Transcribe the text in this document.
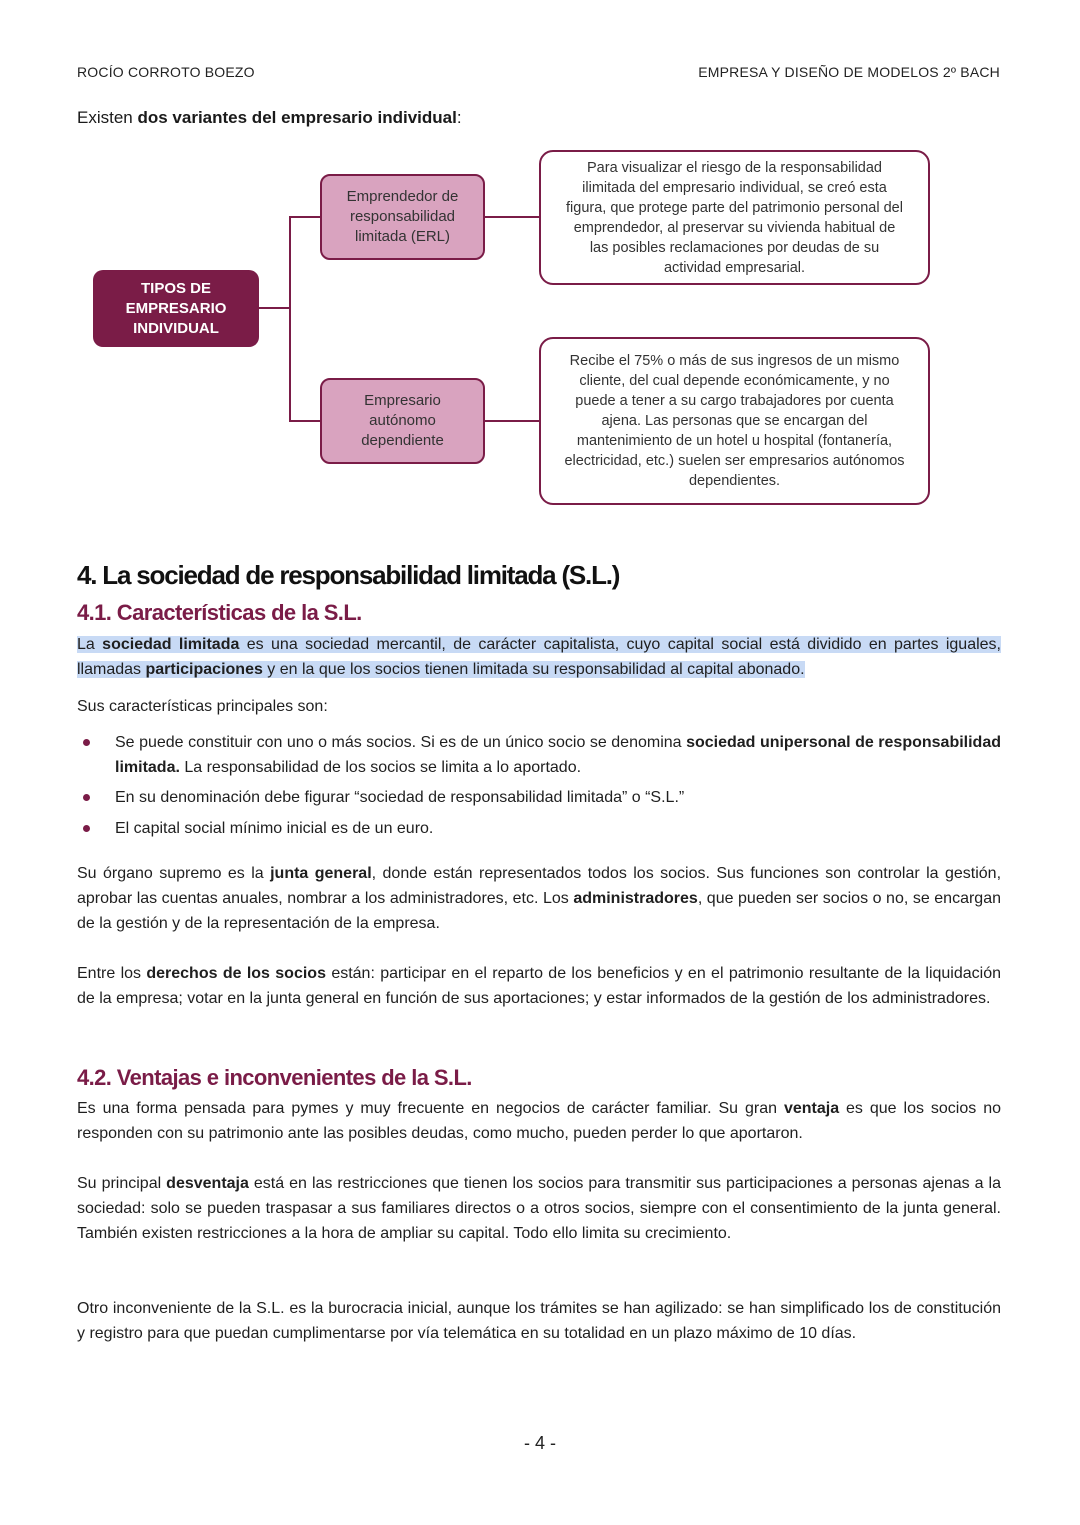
ROCÍO CORROTO BOEZO	EMPRESA Y DISEÑO DE MODELOS 2º BACH
Existen dos variantes del empresario individual:
TIPOS DE EMPRESARIO INDIVIDUAL
Emprendedor de responsabilidad limitada (ERL)
Empresario autónomo dependiente
Para visualizar el riesgo de la responsabilidad ilimitada del empresario individual, se creó esta figura, que protege parte del patrimonio personal del emprendedor, al preservar su vivienda habitual de las posibles reclamaciones por deudas de su actividad empresarial.
Recibe el 75% o más de sus ingresos de un mismo cliente, del cual depende económicamente, y no puede a tener a su cargo trabajadores por cuenta ajena. Las personas que se encargan del mantenimiento de un hotel u hospital (fontanería, electricidad, etc.) suelen ser empresarios autónomos dependientes.
4. La sociedad de responsabilidad limitada (S.L.)
4.1. Características de la S.L.
La sociedad limitada es una sociedad mercantil, de carácter capitalista, cuyo capital social está dividido en partes iguales, llamadas participaciones y en la que los socios tienen limitada su responsabilidad al capital abonado.
Sus características principales son:
Se puede constituir con uno o más socios. Si es de un único socio se denomina sociedad unipersonal de responsabilidad limitada. La responsabilidad de los socios se limita a lo aportado.
En su denominación debe figurar “sociedad de responsabilidad limitada” o “S.L.”
El capital social mínimo inicial es de un euro.
Su órgano supremo es la junta general, donde están representados todos los socios. Sus funciones son controlar la gestión, aprobar las cuentas anuales, nombrar a los administradores, etc. Los administradores, que pueden ser socios o no, se encargan de la gestión y de la representación de la empresa.
Entre los derechos de los socios están: participar en el reparto de los beneficios y en el patrimonio resultante de la liquidación de la empresa; votar en la junta general en función de sus aportaciones; y estar informados de la gestión de los administradores.
4.2. Ventajas e inconvenientes de la S.L.
Es una forma pensada para pymes y muy frecuente en negocios de carácter familiar. Su gran ventaja es que los socios no responden con su patrimonio ante las posibles deudas, como mucho, pueden perder lo que aportaron.
Su principal desventaja está en las restricciones que tienen los socios para transmitir sus participaciones a personas ajenas a la sociedad: solo se pueden traspasar a sus familiares directos o a otros socios, siempre con el consentimiento de la junta general. También existen restricciones a la hora de ampliar su capital. Todo ello limita su crecimiento.
Otro inconveniente de la S.L. es la burocracia inicial, aunque los trámites se han agilizado: se han simplificado los de constitución y registro para que puedan cumplimentarse por vía telemática en su totalidad en un plazo máximo de 10 días.
- 4 -
